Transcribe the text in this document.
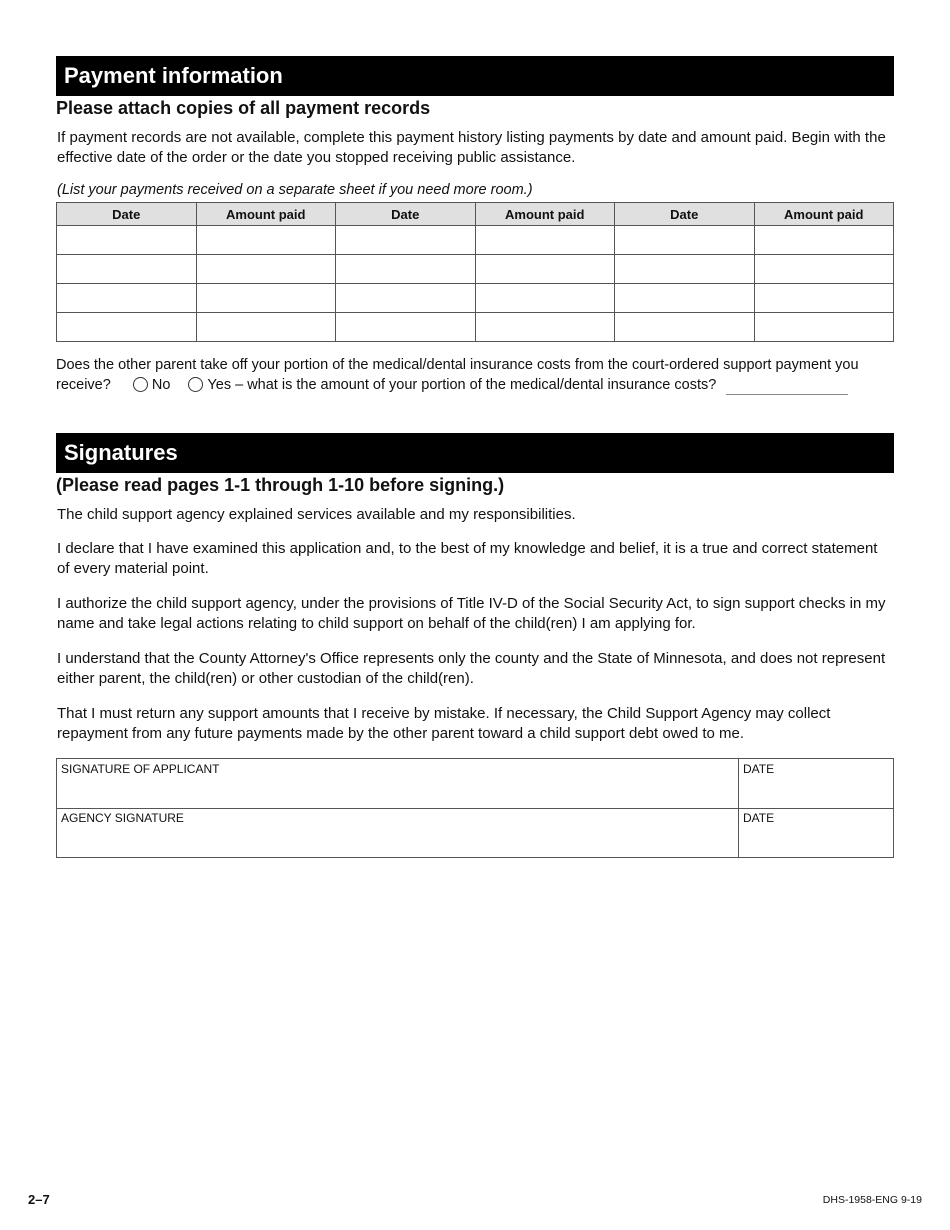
Payment information
Please attach copies of all payment records
If payment records are not available, complete this payment history listing payments by date and amount paid. Begin with the effective date of the order or the date you stopped receiving public assistance.
(List your payments received on a separate sheet if you need more room.)
Date	Amount paid	Date	Amount paid	Date	Amount paid

Does the other parent take off your portion of the medical/dental insurance costs from the court-ordered support payment you receive?	No	Yes – what is the amount of your portion of the medical/dental insurance costs?
Signatures
(Please read pages 1-1 through 1-10 before signing.)
The child support agency explained services available and my responsibilities.
I declare that I have examined this application and, to the best of my knowledge and belief, it is a true and correct statement of every material point.
I authorize the child support agency, under the provisions of Title IV-D of the Social Security Act, to sign support checks in my name and take legal actions relating to child support on behalf of the child(ren) I am applying for.
I understand that the County Attorney's Office represents only the county and the State of Minnesota, and does not represent either parent, the child(ren) or other custodian of the child(ren).
That I must return any support amounts that I receive by mistake. If necessary, the Child Support Agency may collect repayment from any future payments made by the other parent toward a child support debt owed to me.
SIGNATURE OF APPLICANT	DATE
AGENCY SIGNATURE	DATE
2–7	DHS-1958-ENG 9-19
